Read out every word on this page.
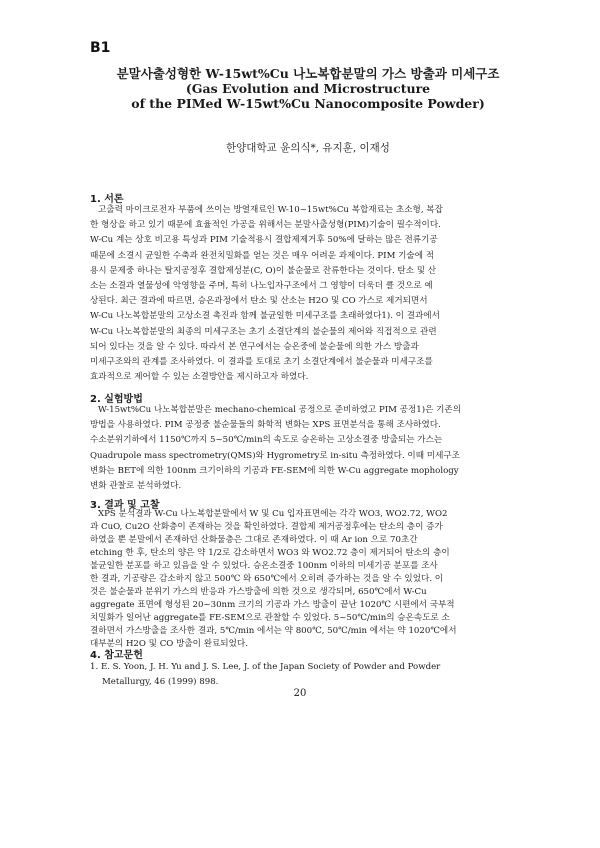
B1
분말사출성형한 W-15wt%Cu 나노복합분말의 가스 방출과 미세구조
(Gas Evolution and Microstructure
of the PIMed W-15wt%Cu Nanocomposite Powder)
한양대학교 윤의식*, 유지훈, 이재성
1. 서론
고출력 마이크로전자 부품에 쓰이는 방열재료인 W-10~15wt%Cu 복합재료는 초소형, 복잡
한 형상을 하고 있기 때문에 효율적인 가공을 위해서는 분말사출성형(PIM)기술이 필수적이다.
W-Cu 계는 상호 비고용 특성과 PIM 기술적용시 결합제제거후 50%에 달하는 많은 전류기공
때문에 소결시 균일한 수축과 완전치밀화를 얻는 것은 매우 어려운 과제이다. PIM 기술에 적
용시 문제중 하나는 탈지공정후 결합제성분(C, O)이 불순물로 잔류한다는 것이다. 탄소 및 산
소는 소결과 열물성에 악영향을 주며, 특히 나노입자구조에서 그 영향이 더욱더 클 것으로 예
상된다. 최근 결과에 따르면, 승온과정에서 탄소 및 산소는 H2O 및 CO 가스로 제거되면서
W-Cu 나노복합분말의 고상소결 촉진과 함께 불균일한 미세구조를 초래하였다1). 이 결과에서
W-Cu 나노복합분말의 최종의 미세구조는 초기 소결단계의 불순물의 제어와 직접적으로 관련
되어 있다는 것을 알 수 있다. 따라서 본 연구에서는 승온중에 불순물에 의한 가스 방출과
미세구조와의 관계를 조사하였다. 이 결과를 토대로 초기 소결단계에서 불순물과 미세구조를
효과적으로 제어할 수 있는 소결방안을 제시하고자 하였다.
2. 실험방법
W-15wt%Cu 나노복합분말은 mechano-chemical 공정으로 준비하였고 PIM 공정1)은 기존의
방법을 사용하였다. PIM 공정중 불순물들의 화학적 변화는 XPS 표면분석을 통해 조사하였다.
수소분위기하에서 1150℃까지 5~50℃/min의 속도로 승온하는 고상소결중 방출되는 가스는
Quadrupole mass spectrometry(QMS)와 Hygrometry로 in-situ 측정하였다. 이때 미세구조
변화는 BET에 의한 100nm 크기이하의 기공과 FE-SEM에 의한 W-Cu aggregate mophology
변화 관찰로 분석하였다.
3. 결과 및 고찰
XPS 분석결과 W-Cu 나노복합분말에서 W 및 Cu 입자표면에는 각각 WO3, WO2.72, WO2
과 CuO, Cu2O 산화층이 존재하는 것을 확인하였다. 결합제 제거공정후에는 탄소의 층이 증가
하였을 뿐 분말에서 존재하던 산화물층은 그대로 존재하였다. 이 때 Ar ion 으로 70초간
etching 한 후, 탄소의 양은 약 1/2로 감소하면서 WO3 와 WO2.72 층이 제거되어 탄소의 층이
불균일한 분포를 하고 있음을 알 수 있었다. 승온소결중 100nm 이하의 미세기공 분포를 조사
한 결과, 기공량은 감소하지 않고 500℃ 와 650℃에서 오히려 증가하는 것을 알 수 있었다. 이
것은 불순물과 분위기 가스의 반응과 가스방출에 의한 것으로 생각되며, 650℃에서 W-Cu
aggregate 표면에 형성된 20~30nm 크기의 기공과 가스 방출이 끝난 1020℃ 시편에서 국부적
치밀화가 일어난 aggregate를 FE-SEM으로 관찰할 수 있었다. 5~50℃/min의 승온속도로 소
결하면서 가스방출을 조사한 결과, 5℃/min 에서는 약 800℃, 50℃/min 에서는 약 1020℃에서
대부분의 H2O 및 CO 방출이 완료되었다.
4. 참고문헌
1. E. S. Yoon, J. H. Yu and J. S. Lee, J. of the Japan Society of Powder and Powder
Metallurgy, 46 (1999) 898.
20
